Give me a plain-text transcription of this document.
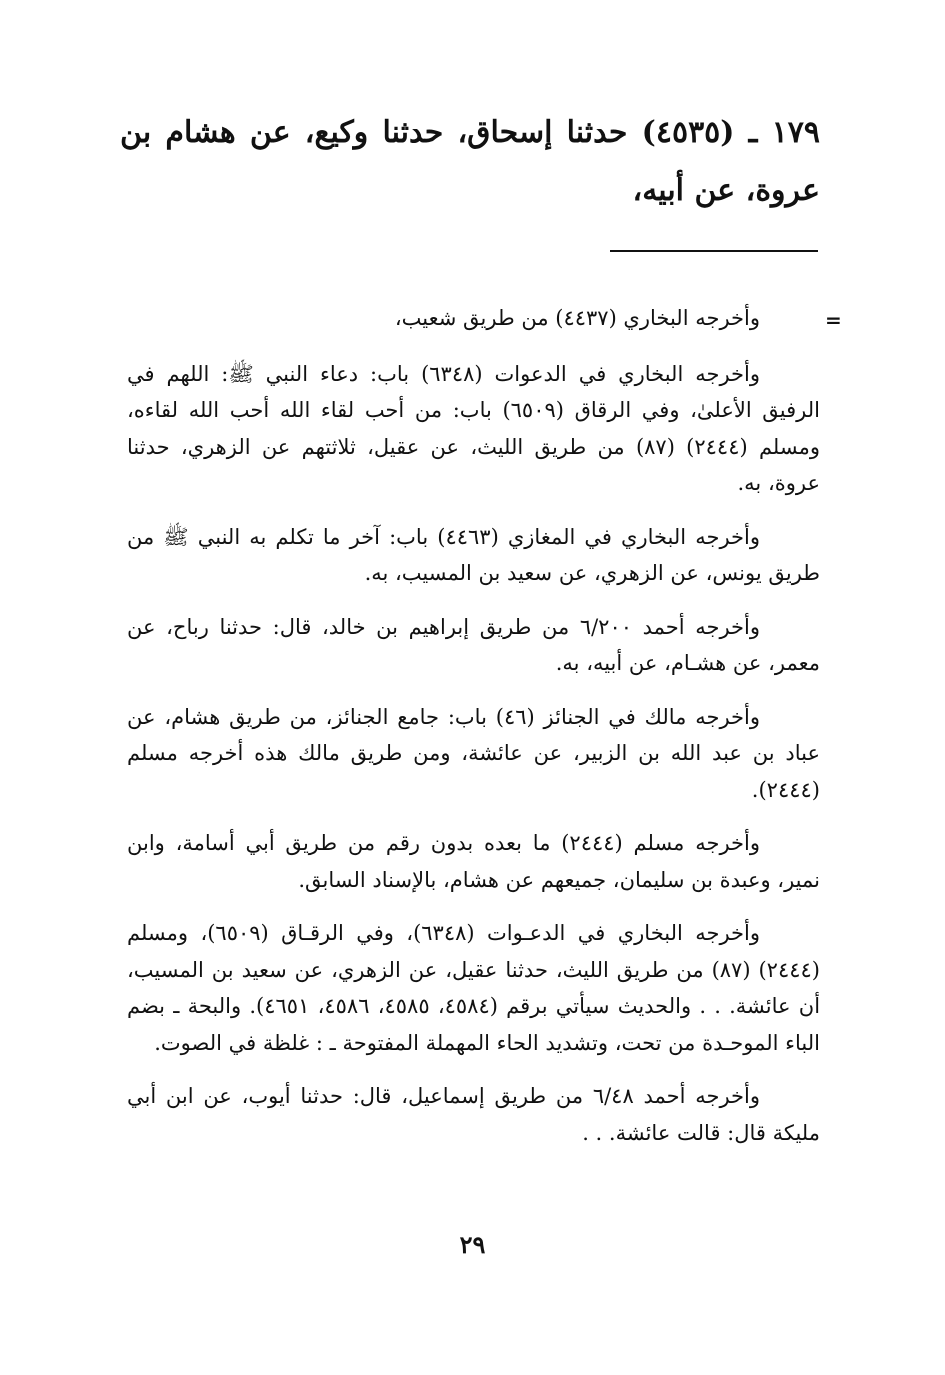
١٧٩ ـ (٤٥٣٥) حدثنا إسحاق، حدثنا وكيع، عن هشام بن عروة، عن أبيه،
=

وأخرجه البخاري (٤٤٣٧) من طريق شعيب،

وأخرجه البخاري في الدعوات (٦٣٤٨) باب: دعاء النبي ﷺ: اللهم في الرفيق الأعلىٰ، وفي الرقاق (٦٥٠٩) باب: من أحب لقاء الله أحب الله لقاءه، ومسلم (٢٤٤٤) (٨٧) من طريق الليث، عن عقيل، ثلاثتهم عن الزهري، حدثنا عروة، به.

وأخرجه البخاري في المغازي (٤٤٦٣) باب: آخر ما تكلم به النبي ﷺ من طريق يونس، عن الزهري، عن سعيد بن المسيب، به.

وأخرجه أحمد ٦/٢٠٠ من طريق إبراهيم بن خالد، قال: حدثنا رباح، عن معمر، عن هشـام، عن أبيه، به.

وأخرجه مالك في الجنائز (٤٦) باب: جامع الجنائز، من طريق هشام، عن عباد بن عبد الله بن الزبير، عن عائشة، ومن طريق مالك هذه أخرجه مسلم (٢٤٤٤).

وأخرجه مسلم (٢٤٤٤) ما بعده بدون رقم من طريق أبي أسامة، وابن نمير، وعبدة بن سليمان، جميعهم عن هشام، بالإسناد السابق.

وأخرجه البخاري في الدعـوات (٦٣٤٨)، وفي الرقـاق (٦٥٠٩)، ومسلم (٢٤٤٤) (٨٧) من طريق الليث، حدثنا عقيل، عن الزهري، عن سعيد بن المسيب، أن عائشة. . . والحديث سيأتي برقم (٤٥٨٤، ٤٥٨٥، ٤٥٨٦، ٤٦٥١). والبحة ـ بضم الباء الموحـدة من تحت، وتشديد الحاء المهملة المفتوحة ـ : غلظة في الصوت.

وأخرجه أحمد ٦/٤٨ من طريق إسماعيل، قال: حدثنا أيوب، عن ابن أبي مليكة قال: قالت عائشة. . .

٢٩
